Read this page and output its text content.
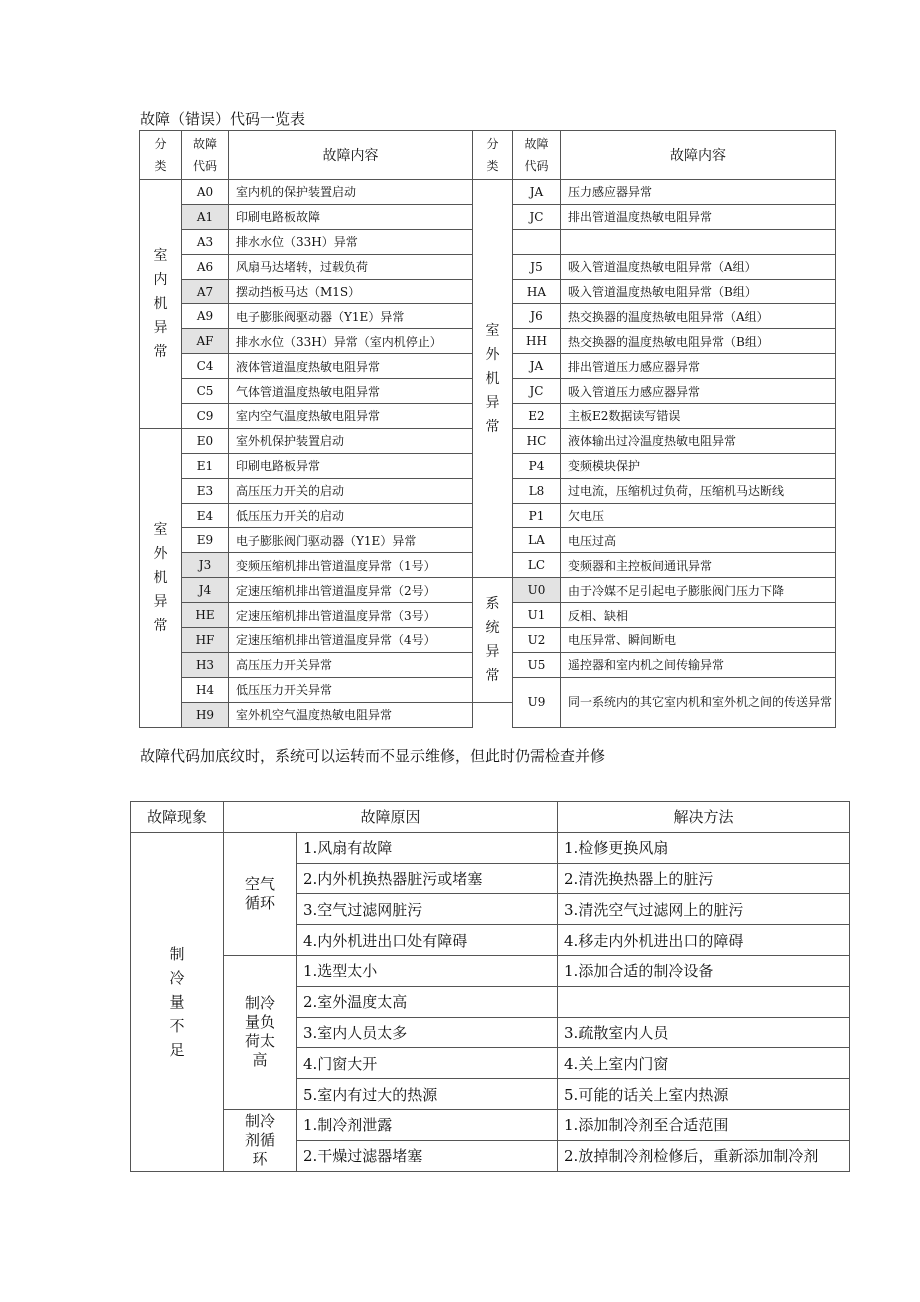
故障（错误）代码一览表
分类	故障代码	故障内容	分类	故障代码	故障内容
室内机异常	A0	室内机的保护装置启动	室外机异常	JA	压力感应器异常
	A1	印刷电路板故障		JC	排出管道温度热敏电阻异常
	A3	排水水位（33H）异常			
	A6	风扇马达堵转，过载负荷		J5	吸入管道温度热敏电阻异常（A组）
	A7	摆动挡板马达（M1S）		HA	吸入管道温度热敏电阻异常（B组）
	A9	电子膨胀阀驱动器（Y1E）异常		J6	热交换器的温度热敏电阻异常（A组）
	AF	排水水位（33H）异常（室内机停止）		HH	热交换器的温度热敏电阻异常（B组）
	C4	液体管道温度热敏电阻异常		JA	排出管道压力感应器异常
	C5	气体管道温度热敏电阻异常		JC	吸入管道压力感应器异常
	C9	室内空气温度热敏电阻异常		E2	主板E2数据读写错误
室外机异常	E0	室外机保护装置启动		HC	液体输出过冷温度热敏电阻异常
	E1	印刷电路板异常		P4	变频模块保护
	E3	高压压力开关的启动		L8	过电流，压缩机过负荷，压缩机马达断线
	E4	低压压力开关的启动		P1	欠电压
	E9	电子膨胀阀门驱动器（Y1E）异常		LA	电压过高
	J3	变频压缩机排出管道温度异常（1号）		LC	变频器和主控板间通讯异常
	J4	定速压缩机排出管道温度异常（2号）	系统异常	U0	由于冷媒不足引起电子膨胀阀门压力下降
	HE	定速压缩机排出管道温度异常（3号）		U1	反相、缺相
	HF	定速压缩机排出管道温度异常（4号）		U2	电压异常、瞬间断电
	H3	高压压力开关异常		U5	遥控器和室内机之间传输异常
	H4	低压压力开关异常		U9	同一系统内的其它室内机和室外机之间的传送异常
	H9	室外机空气温度热敏电阻异常			
故障代码加底纹时，系统可以运转而不显示维修，但此时仍需检查并修
故障现象	故障原因		解决方法
制冷量不足	空气循环	1.风扇有故障	1.检修更换风扇
		2.内外机换热器脏污或堵塞	2.清洗换热器上的脏污
		3.空气过滤网脏污	3.清洗空气过滤网上的脏污
		4.内外机进出口处有障碍	4.移走内外机进出口的障碍
	制冷量负荷太高	1.选型太小	1.添加合适的制冷设备
		2.室外温度太高	
		3.室内人员太多	3.疏散室内人员
		4.门窗大开	4.关上室内门窗
		5.室内有过大的热源	5.可能的话关上室内热源
	制冷剂循环	1.制冷剂泄露	1.添加制冷剂至合适范围
		2.干燥过滤器堵塞	2.放掉制冷剂检修后，重新添加制冷剂
